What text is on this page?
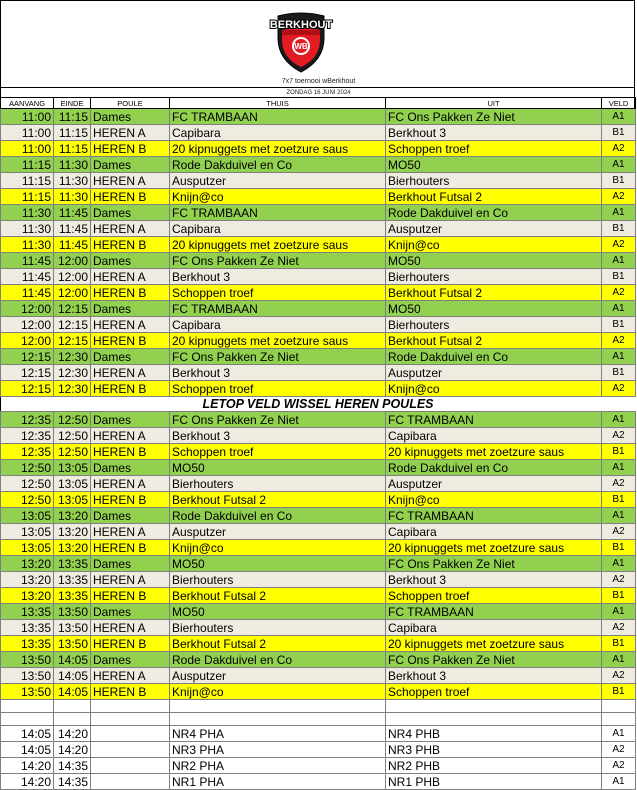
WB
BERKHOUT
7x7 toernooi wBerkhout
ZONDAG 16 JUNI 2024
AANVANG	EINDE	POULE	THUIS	UIT	VELD
11:00	11:15	Dames	FC TRAMBAAN	FC Ons Pakken Ze Niet	A1
11:00	11:15	HEREN A	Capibara	Berkhout 3	B1
11:00	11:15	HEREN B	20 kipnuggets met zoetzure saus	Schoppen troef	A2
11:15	11:30	Dames	Rode Dakduivel en Co	MO50	A1
11:15	11:30	HEREN A	Ausputzer	Bierhouters	B1
11:15	11:30	HEREN B	Knijn@co	Berkhout Futsal 2	A2
11:30	11:45	Dames	FC TRAMBAAN	Rode Dakduivel en Co	A1
11:30	11:45	HEREN A	Capibara	Ausputzer	B1
11:30	11:45	HEREN B	20 kipnuggets met zoetzure saus	Knijn@co	A2
11:45	12:00	Dames	FC Ons Pakken Ze Niet	MO50	A1
11:45	12:00	HEREN A	Berkhout 3	Bierhouters	B1
11:45	12:00	HEREN B	Schoppen troef	Berkhout Futsal 2	A2
12:00	12:15	Dames	FC TRAMBAAN	MO50	A1
12:00	12:15	HEREN A	Capibara	Bierhouters	B1
12:00	12:15	HEREN B	20 kipnuggets met zoetzure saus	Berkhout Futsal 2	A2
12:15	12:30	Dames	FC Ons Pakken Ze Niet	Rode Dakduivel en Co	A1
12:15	12:30	HEREN A	Berkhout 3	Ausputzer	B1
12:15	12:30	HEREN B	Schoppen troef	Knijn@co	A2
LETOP VELD WISSEL HEREN POULES					
12:35	12:50	Dames	FC Ons Pakken Ze Niet	FC TRAMBAAN	A1
12:35	12:50	HEREN A	Berkhout 3	Capibara	A2
12:35	12:50	HEREN B	Schoppen troef	20 kipnuggets met zoetzure saus	B1
12:50	13:05	Dames	MO50	Rode Dakduivel en Co	A1
12:50	13:05	HEREN A	Bierhouters	Ausputzer	A2
12:50	13:05	HEREN B	Berkhout Futsal 2	Knijn@co	B1
13:05	13:20	Dames	Rode Dakduivel en Co	FC TRAMBAAN	A1
13:05	13:20	HEREN A	Ausputzer	Capibara	A2
13:05	13:20	HEREN B	Knijn@co	20 kipnuggets met zoetzure saus	B1
13:20	13:35	Dames	MO50	FC Ons Pakken Ze Niet	A1
13:20	13:35	HEREN A	Bierhouters	Berkhout 3	A2
13:20	13:35	HEREN B	Berkhout Futsal 2	Schoppen troef	B1
13:35	13:50	Dames	MO50	FC TRAMBAAN	A1
13:35	13:50	HEREN A	Bierhouters	Capibara	A2
13:35	13:50	HEREN B	Berkhout Futsal 2	20 kipnuggets met zoetzure saus	B1
13:50	14:05	Dames	Rode Dakduivel en Co	FC Ons Pakken Ze Niet	A1
13:50	14:05	HEREN A	Ausputzer	Berkhout 3	A2
13:50	14:05	HEREN B	Knijn@co	Schoppen troef	B1

14:05	14:20		NR4 PHA	NR4 PHB	A1
14:05	14:20		NR3 PHA	NR3 PHB	A2
14:20	14:35		NR2 PHA	NR2 PHB	A2
14:20	14:35		NR1 PHA	NR1 PHB	A1
